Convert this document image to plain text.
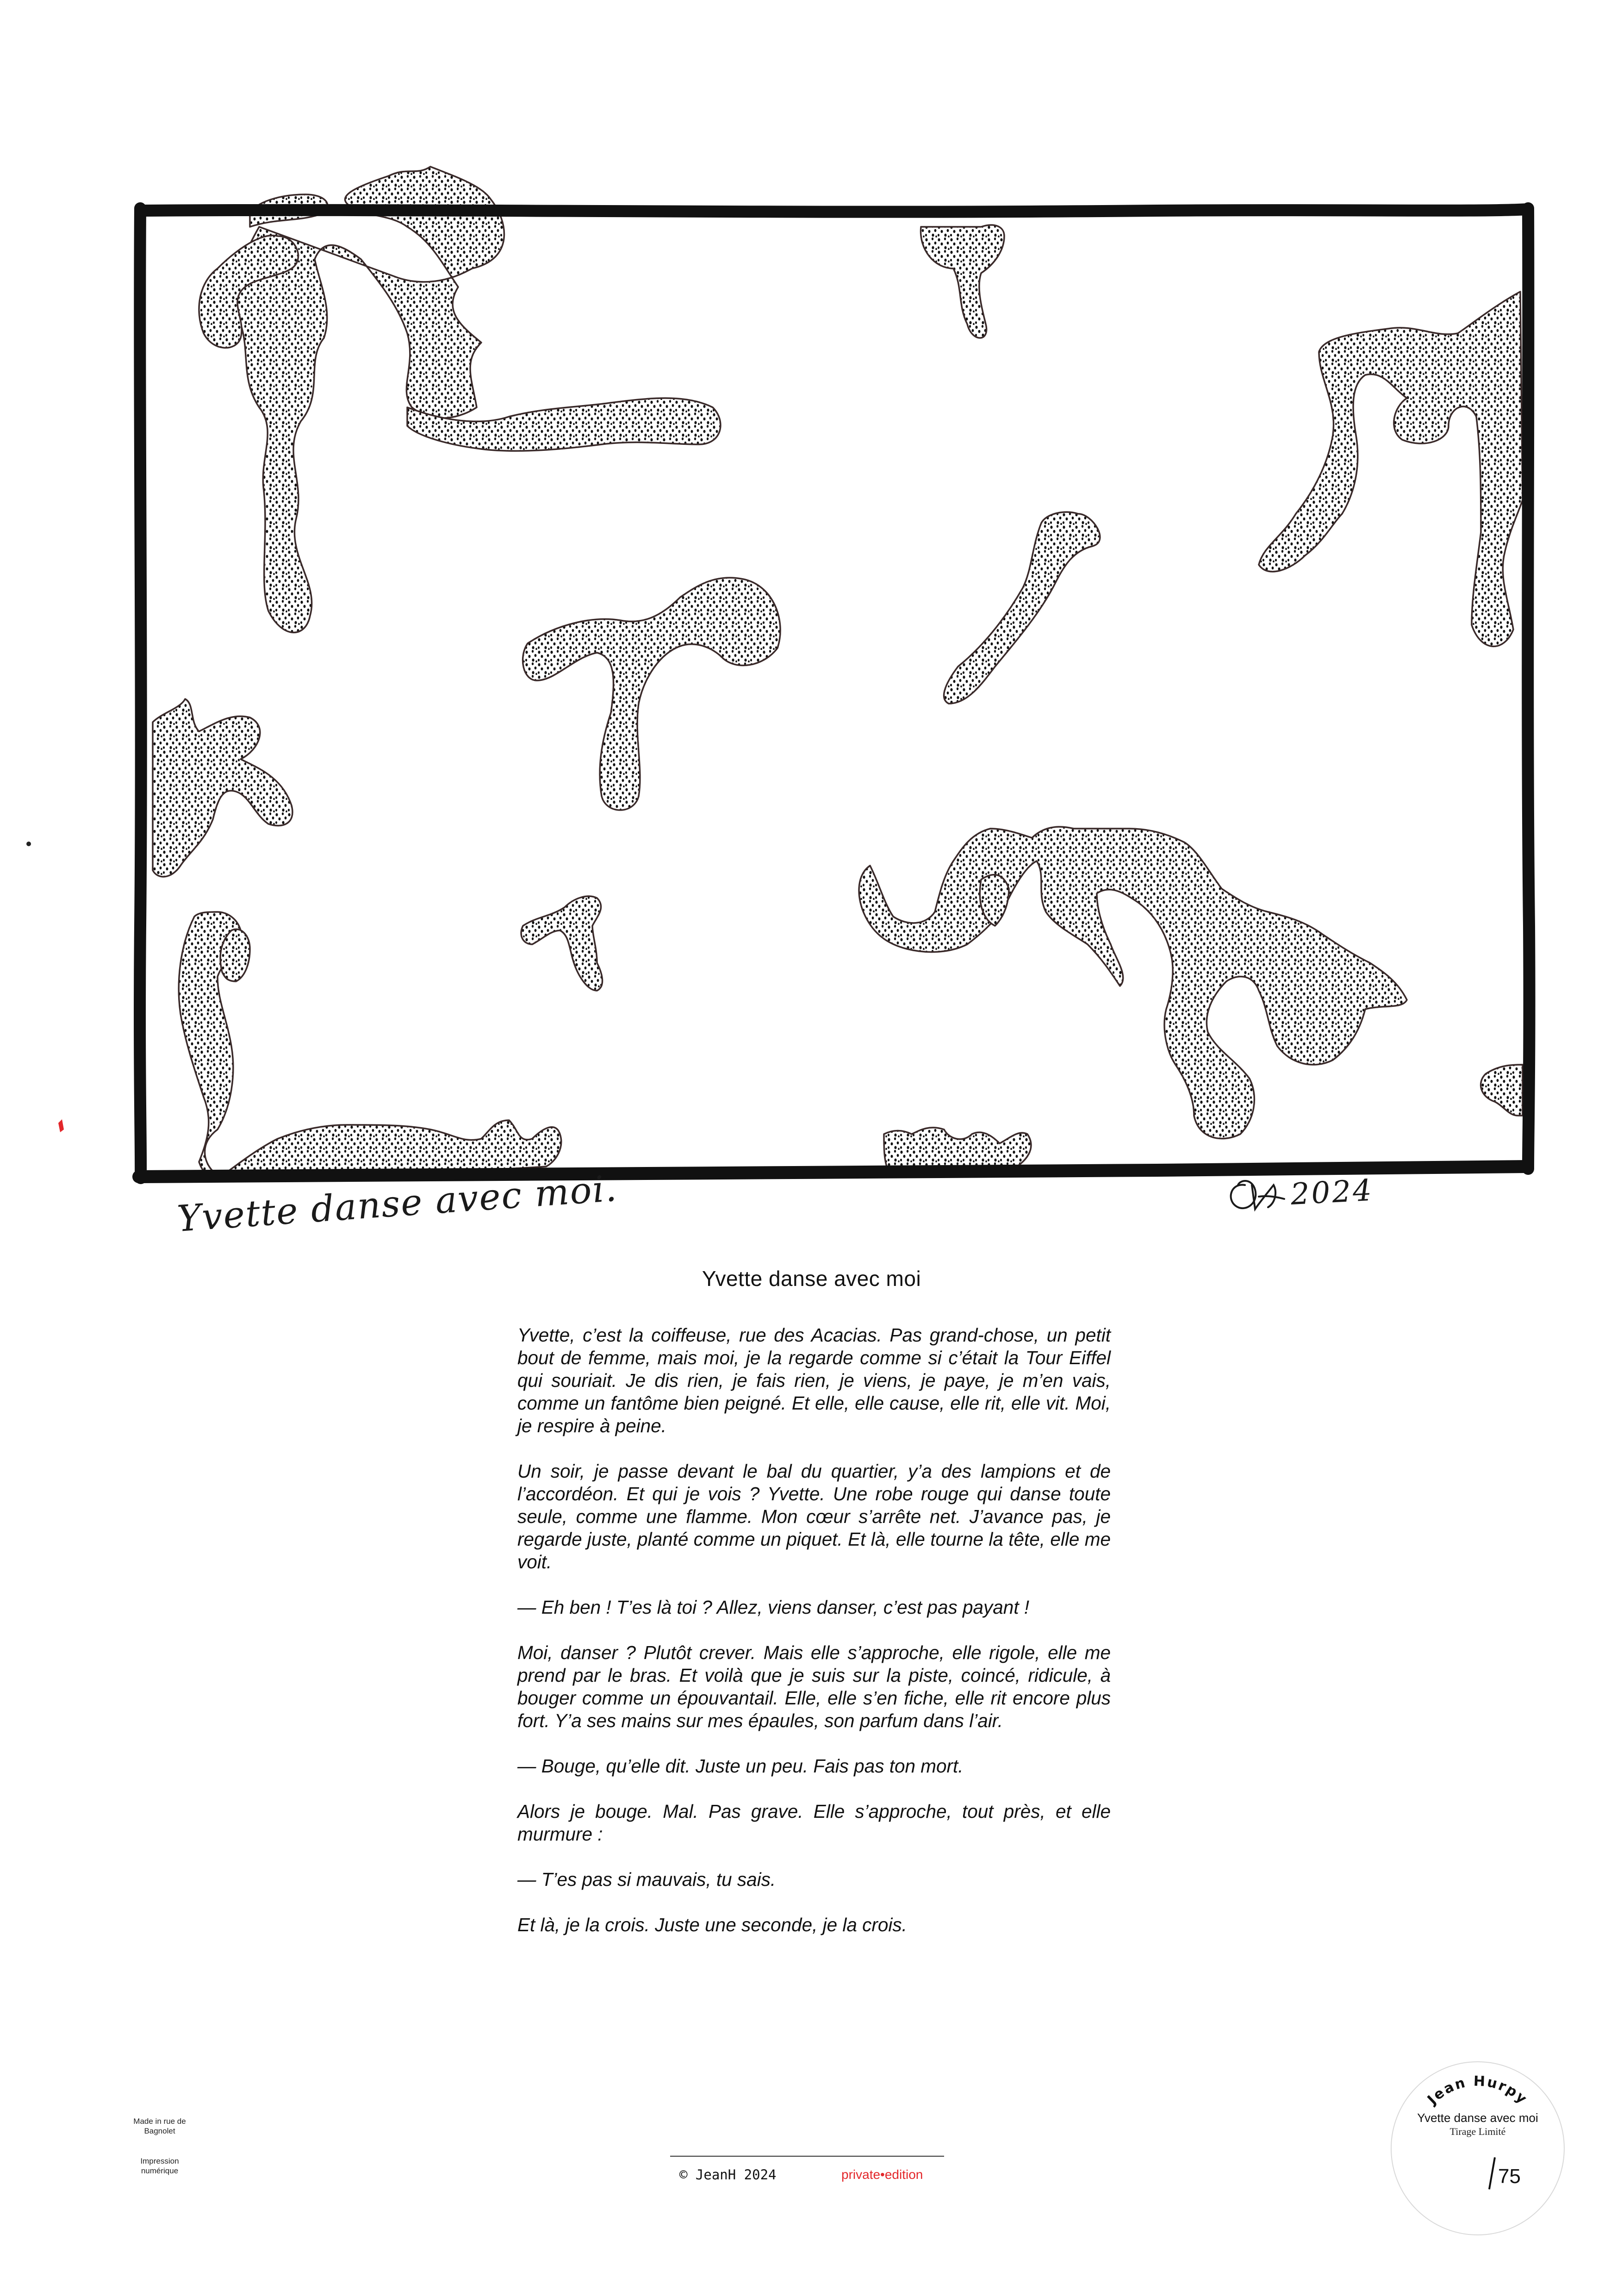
Yvette danse avec moi.	2024
Yvette danse avec moi

Yvette, c’est la coiffeuse, rue des Acacias. Pas grand-chose, un petit bout de femme, mais moi, je la regarde comme si c’était la Tour Eiffel qui souriait. Je dis rien, je fais rien, je viens, je paye, je m’en vais, comme un fantôme bien peigné. Et elle, elle cause, elle rit, elle vit. Moi, je respire à peine.

Un soir, je passe devant le bal du quartier, y’a des lampions et de l’accordéon. Et qui je vois ? Yvette. Une robe rouge qui danse toute seule, comme une flamme. Mon cœur s’arrête net. J’avance pas, je regarde juste, planté comme un piquet. Et là, elle tourne la tête, elle me voit.

— Eh ben ! T’es là toi ? Allez, viens danser, c’est pas payant !

Moi, danser ? Plutôt crever. Mais elle s’approche, elle rigole, elle me prend par le bras. Et voilà que je suis sur la piste, coincé, ridicule, à bouger comme un épouvantail. Elle, elle s’en fiche, elle rit encore plus fort. Y’a ses mains sur mes épaules, son parfum dans l’air.

— Bouge, qu’elle dit. Juste un peu. Fais pas ton mort.

Alors je bouge. Mal. Pas grave. Elle s’approche, tout près, et elle murmure :

— T’es pas si mauvais, tu sais.

Et là, je la crois. Juste une seconde, je la crois.

Made in rue de Bagnolet
Impression numérique	© JeanH 2024	private•edition
Jean Hurpy
Yvette danse avec moi
Tirage Limité
75
